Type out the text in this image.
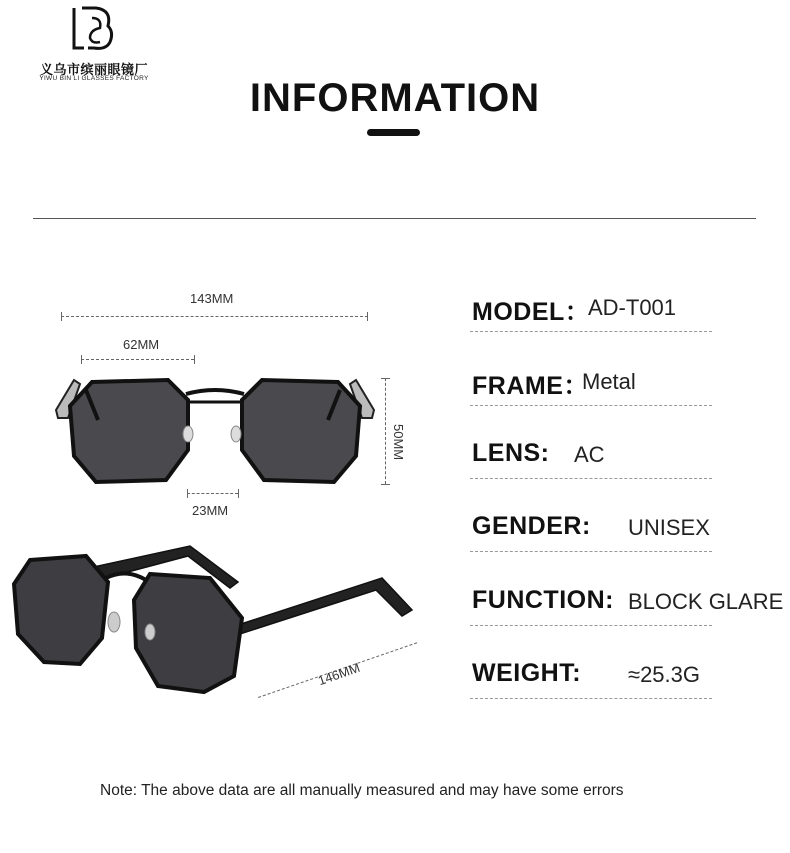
义乌市缤丽眼镜厂
YIWU BIN LI GLASSES FACTORY	INFORMATION
143MM
62MM
50MM
23MM
146MM
MODEL：
AD-T001
FRAME：
Metal
LENS: AC
GENDER: UNISEX
FUNCTION: BLOCK GLARE
WEIGHT: ≈25.3G
Note: The above data are all manually measured and may have some errors
